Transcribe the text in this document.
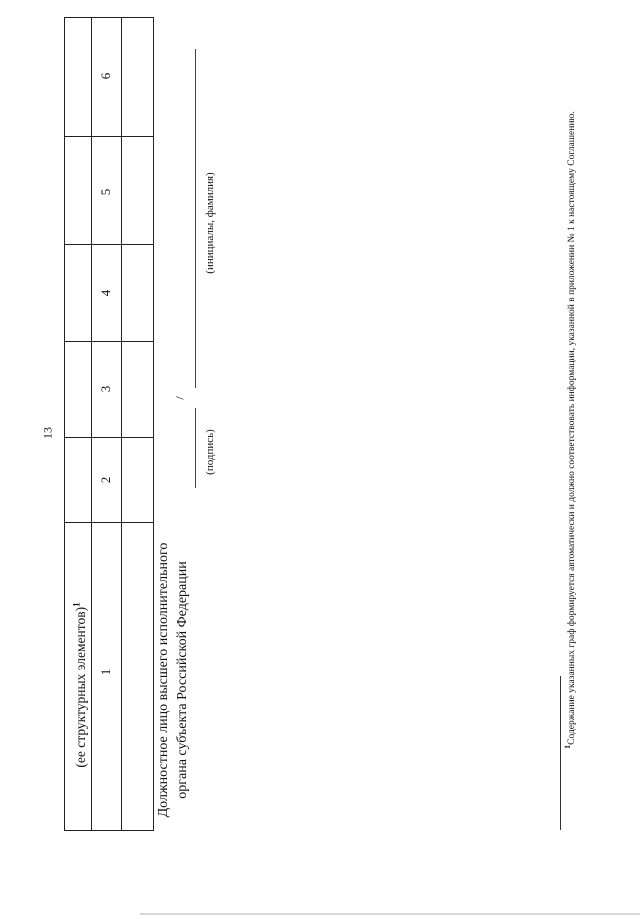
13
(ее структурных элементов)$^1$
1
2
3
4
5
6
Должностное лицо высшего исполнительного органа субъекта Российской Федерации
/
(подпись)
(инициалы, фамилия)
$^1$Содержание указанных граф формируется автоматически и должно соответствовать информации, указанной в приложении № 1 к настоящему Соглашению.
